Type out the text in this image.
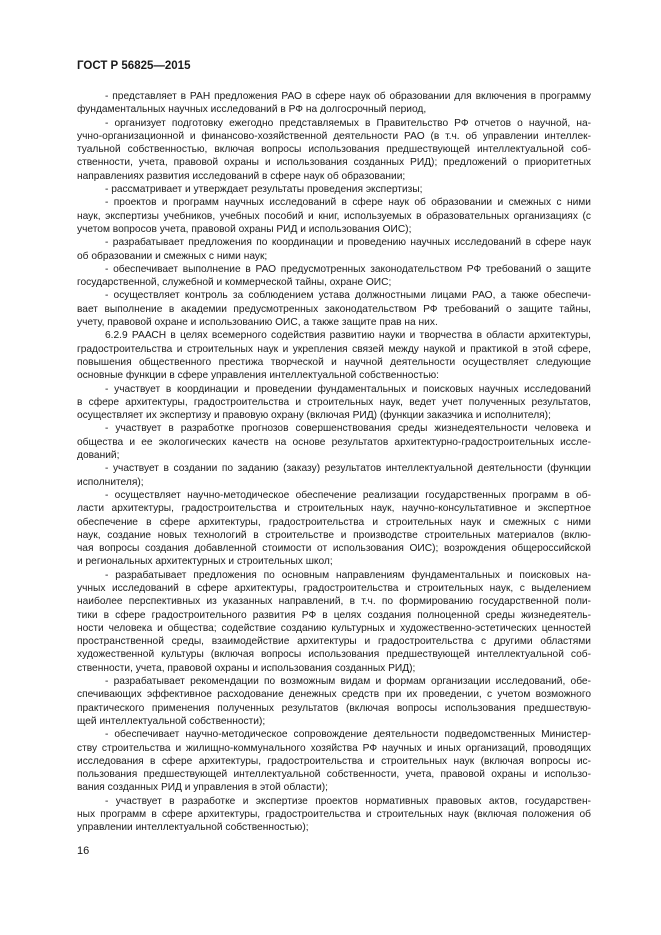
ГОСТ Р 56825—2015
- представляет в РАН предложения РАО в сфере наук об образовании для включения в программу
фундаментальных научных исследований в РФ на долгосрочный период,
- организует подготовку ежегодно представляемых в Правительство РФ отчетов о научной, на-
учно-организационной и финансово-хозяйственной деятельности РАО (в т.ч. об управлении интеллек-
туальной собственностью, включая вопросы использования предшествующей интеллектуальной соб-
ственности, учета, правовой охраны и использования созданных РИД); предложений о приоритетных
направлениях развития исследований в сфере наук об образовании;
- рассматривает и утверждает результаты проведения экспертизы;
- проектов и программ научных исследований в сфере наук об образовании и смежных с ними
наук, экспертизы учебников, учебных пособий и книг, используемых в образовательных организациях (с
учетом вопросов учета, правовой охраны РИД и использования ОИС);
- разрабатывает предложения по координации и проведению научных исследований в сфере наук
об образовании и смежных с ними наук;
- обеспечивает выполнение в РАО предусмотренных законодательством РФ требований о защите
государственной, служебной и коммерческой тайны, охране ОИС;
- осуществляет контроль за соблюдением устава должностными лицами РАО, а также обеспечи-
вает выполнение в академии предусмотренных законодательством РФ требований о защите тайны,
учету, правовой охране и использованию ОИС, а также защите прав на них.
6.2.9 РААСН в целях всемерного содействия развитию науки и творчества в области архитектуры,
градостроительства и строительных наук и укрепления связей между наукой и практикой в этой сфере,
повышения общественного престижа творческой и научной деятельности осуществляет следующие
основные функции в сфере управления интеллектуальной собственностью:
- участвует в координации и проведении фундаментальных и поисковых научных исследований
в сфере архитектуры, градостроительства и строительных наук, ведет учет полученных результатов,
осуществляет их экспертизу и правовую охрану (включая РИД) (функции заказчика и исполнителя);
- участвует в разработке прогнозов совершенствования среды жизнедеятельности человека и
общества и ее экологических качеств на основе результатов архитектурно-градостроительных иссле-
дований;
- участвует в создании по заданию (заказу) результатов интеллектуальной деятельности (функции
исполнителя);
- осуществляет научно-методическое обеспечение реализации государственных программ в об-
ласти архитектуры, градостроительства и строительных наук, научно-консультативное и экспертное
обеспечение в сфере архитектуры, градостроительства и строительных наук и смежных с ними
наук, создание новых технологий в строительстве и производстве строительных материалов (вклю-
чая вопросы создания добавленной стоимости от использования ОИС); возрождения общероссийской
и региональных архитектурных и строительных школ;
- разрабатывает предложения по основным направлениям фундаментальных и поисковых на-
учных исследований в сфере архитектуры, градостроительства и строительных наук, с выделением
наиболее перспективных из указанных направлений, в т.ч. по формированию государственной поли-
тики в сфере градостроительного развития РФ в целях создания полноценной среды жизнедеятель-
ности человека и общества; содействие созданию культурных и художественно-эстетических ценностей
пространственной среды, взаимодействие архитектуры и градостроительства с другими областями
художественной культуры (включая вопросы использования предшествующей интеллектуальной соб-
ственности, учета, правовой охраны и использования созданных РИД);
- разрабатывает рекомендации по возможным видам и формам организации исследований, обе-
спечивающих эффективное расходование денежных средств при их проведении, с учетом возможного
практического применения полученных результатов (включая вопросы использования предшествую-
щей интеллектуальной собственности);
- обеспечивает научно-методическое сопровождение деятельности подведомственных Министер-
ству строительства и жилищно-коммунального хозяйства РФ научных и иных организаций, проводящих
исследования в сфере архитектуры, градостроительства и строительных наук (включая вопросы ис-
пользования предшествующей интеллектуальной собственности, учета, правовой охраны и использо-
вания созданных РИД и управления в этой области);
- участвует в разработке и экспертизе проектов нормативных правовых актов, государствен-
ных программ в сфере архитектуры, градостроительства и строительных наук (включая положения об
управлении интеллектуальной собственностью);
16
